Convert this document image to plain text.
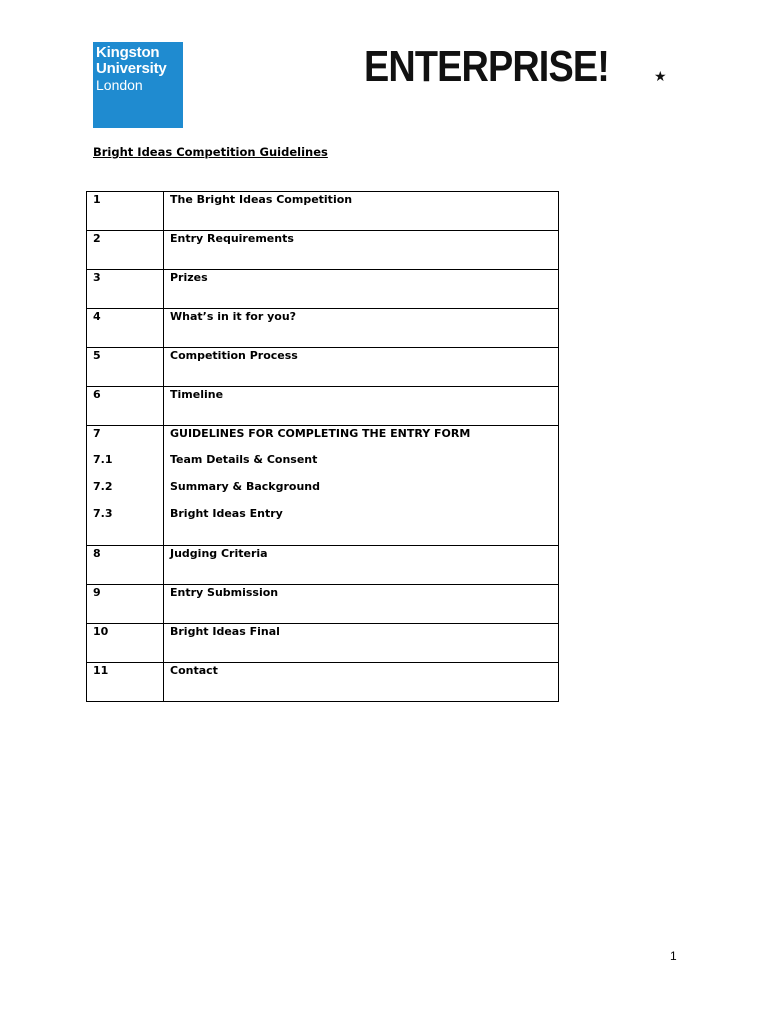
Kingston
University
London	ENTERPRISE!	★
Bright Ideas Competition Guidelines
1	The Bright Ideas Competition
2	Entry Requirements
3	Prizes
4	What’s in it for you?
5	Competition Process
6	Timeline
7	GUIDELINES FOR COMPLETING THE ENTRY FORM
7.1	Team Details & Consent
7.2	Summary & Background
7.3	Bright Ideas Entry
8	Judging Criteria
9	Entry Submission
10	Bright Ideas Final
11	Contact
1
